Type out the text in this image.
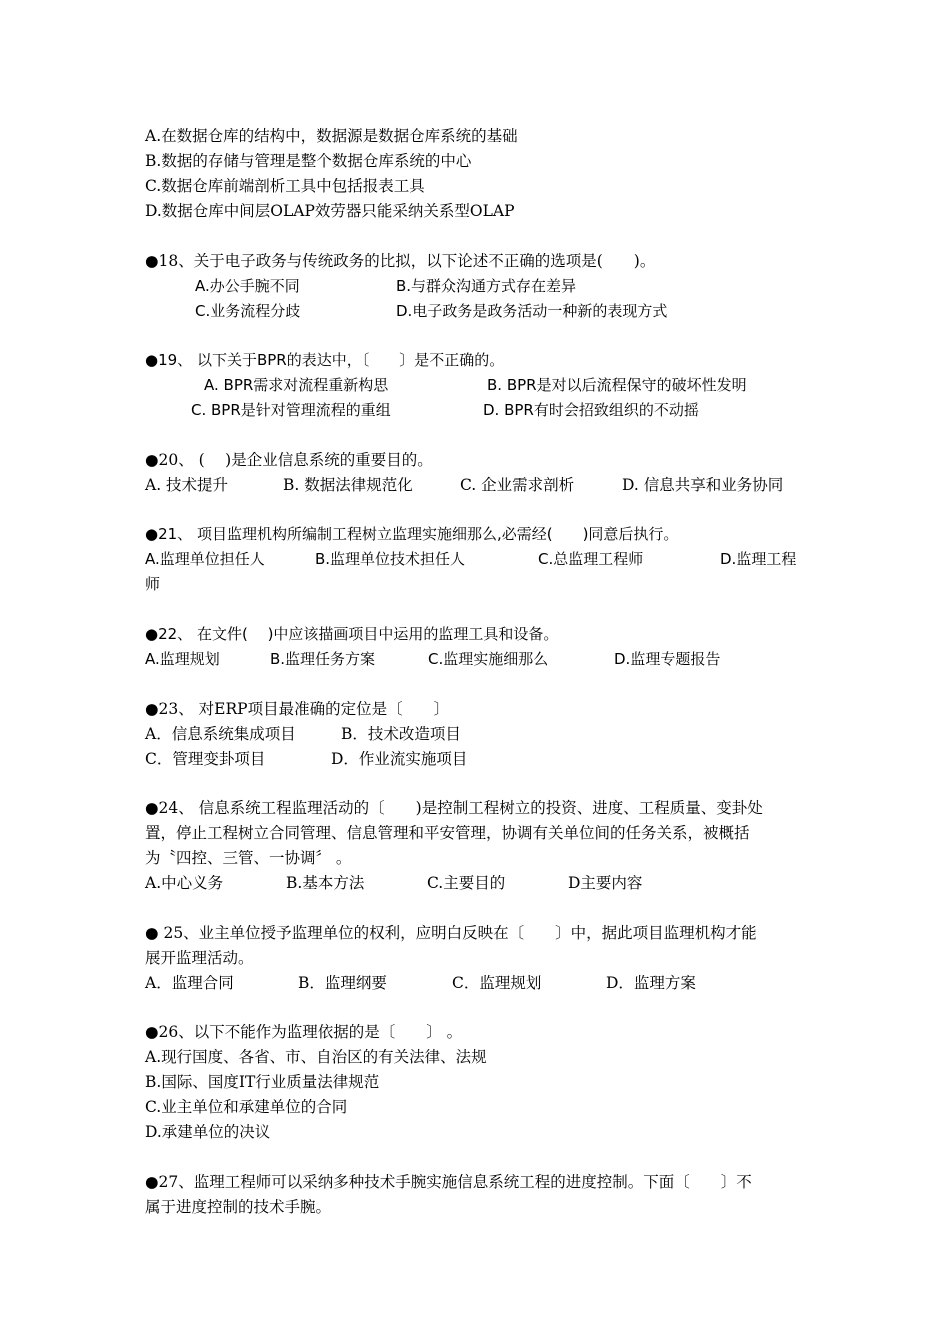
A.在数据仓库的结构中，数据源是数据仓库系统的基础
B.数据的存储与管理是整个数据仓库系统的中心
C.数据仓库前端剖析工具中包括报表工具
D.数据仓库中间层OLAP效劳器只能采纳关系型OLAP
●18、关于电子政务与传统政务的比拟，以下论述不正确的选项是(　　)。
A.办公手腕不同	B.与群众沟通方式存在差异
C.业务流程分歧	D.电子政务是政务活动一种新的表现方式
●19、 以下关于BPR的表达中，〔　　〕是不正确的。
A. BPR需求对流程重新构思	B. BPR是对以后流程保守的破坏性发明
C. BPR是针对管理流程的重组	D. BPR有时会招致组织的不动摇
●20、 (　 )是企业信息系统的重要目的。
A. 技术提升	B. 数据法律规范化	C. 企业需求剖析	D. 信息共享和业务协同
●21、 项目监理机构所编制工程树立监理实施细那么,必需经(　　)同意后执行。
A.监理单位担任人	B.监理单位技术担任人	C.总监理工程师	D.监理工程
师
●22、 在文件(　 )中应该描画项目中运用的监理工具和设备。
A.监理规划	B.监理任务方案	C.监理实施细那么	D.监理专题报告
●23、 对ERP项目最准确的定位是〔　　〕
A．信息系统集成项目	B．技术改造项目
C．管理变卦项目	D．作业流实施项目
●24、 信息系统工程监理活动的〔　　)是控制工程树立的投资、进度、工程质量、变卦处
置，停止工程树立合同管理、信息管理和平安管理，协调有关单位间的任务关系，被概括
为〝四控、三管、一协调〞 。
A.中心义务	B.基本方法	C.主要目的	D主要内容
● 25、业主单位授予监理单位的权利，应明白反映在〔　　〕中，据此项目监理机构才能
展开监理活动。
A．监理合同	B．监理纲要	C．监理规划	D．监理方案
●26、以下不能作为监理依据的是〔　　〕 。
A.现行国度、各省、市、自治区的有关法律、法规
B.国际、国度IT行业质量法律规范
C.业主单位和承建单位的合同
D.承建单位的决议
●27、监理工程师可以采纳多种技术手腕实施信息系统工程的进度控制。下面〔　　〕不
属于进度控制的技术手腕。
